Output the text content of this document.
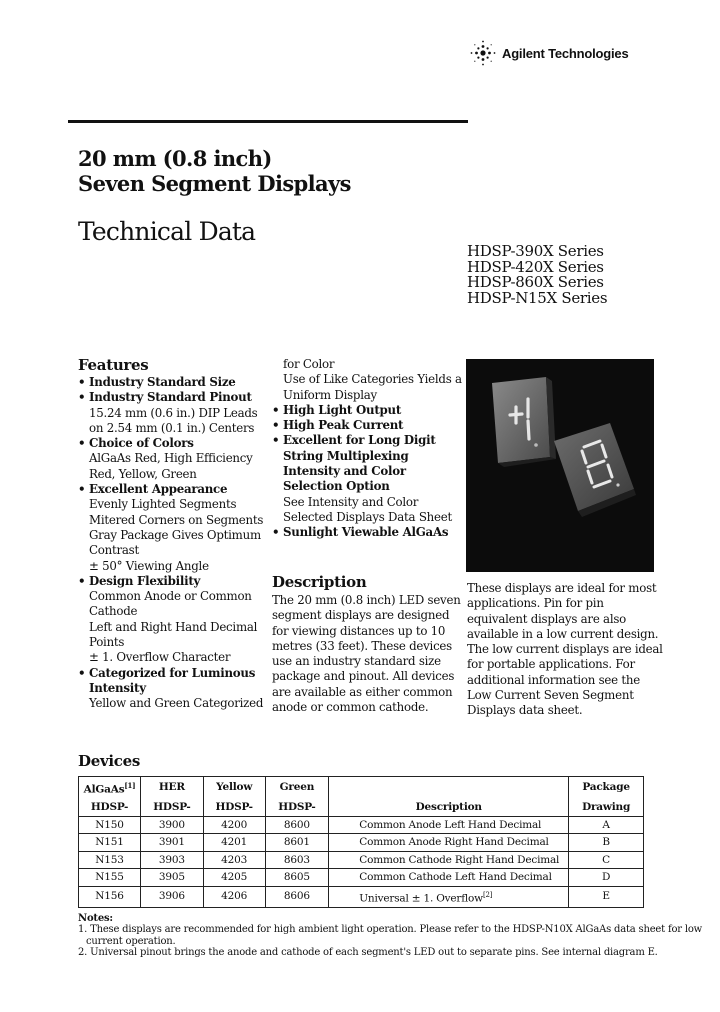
Agilent Technologies
20 mm (0.8 inch)
Seven Segment Displays
Technical Data
HDSP-390X Series
HDSP-420X Series
HDSP-860X Series
HDSP-N15X Series
Features
• Industry Standard Size
• Industry Standard Pinout
15.24 mm (0.6 in.) DIP Leads
on 2.54 mm (0.1 in.) Centers
• Choice of Colors
AlGaAs Red, High Efficiency
Red, Yellow, Green
• Excellent Appearance
Evenly Lighted Segments
Mitered Corners on Segments
Gray Package Gives Optimum
Contrast
± 50° Viewing Angle
• Design Flexibility
Common Anode or Common
Cathode
Left and Right Hand Decimal
Points
± 1. Overflow Character
• Categorized for Luminous
Intensity
Yellow and Green Categorized
for Color
Use of Like Categories Yields a
Uniform Display
• High Light Output
• High Peak Current
• Excellent for Long Digit
String Multiplexing
Intensity and Color
Selection Option
See Intensity and Color
Selected Displays Data Sheet
• Sunlight Viewable AlGaAs
Description
The 20 mm (0.8 inch) LED seven
segment displays are designed
for viewing distances up to 10
metres (33 feet). These devices
use an industry standard size
package and pinout. All devices
are available as either common
anode or common cathode.
These displays are ideal for most
applications. Pin for pin
equivalent displays are also
available in a low current design.
The low current displays are ideal
for portable applications. For
additional information see the
Low Current Seven Segment
Displays data sheet.
Devices
AlGaAs[1]	HER	Yellow	Green		Package
HDSP-	HDSP-	HDSP-	HDSP-	Description	Drawing
N150	3900	4200	8600	Common Anode Left Hand Decimal	A
N151	3901	4201	8601	Common Anode Right Hand Decimal	B
N153	3903	4203	8603	Common Cathode Right Hand Decimal	C
N155	3905	4205	8605	Common Cathode Left Hand Decimal	D
N156	3906	4206	8606	Universal ± 1. Overflow[2]	E
Notes:
1. These displays are recommended for high ambient light operation. Please refer to the HDSP-N10X AlGaAs data sheet for low
current operation.
2. Universal pinout brings the anode and cathode of each segment's LED out to separate pins. See internal diagram E.
